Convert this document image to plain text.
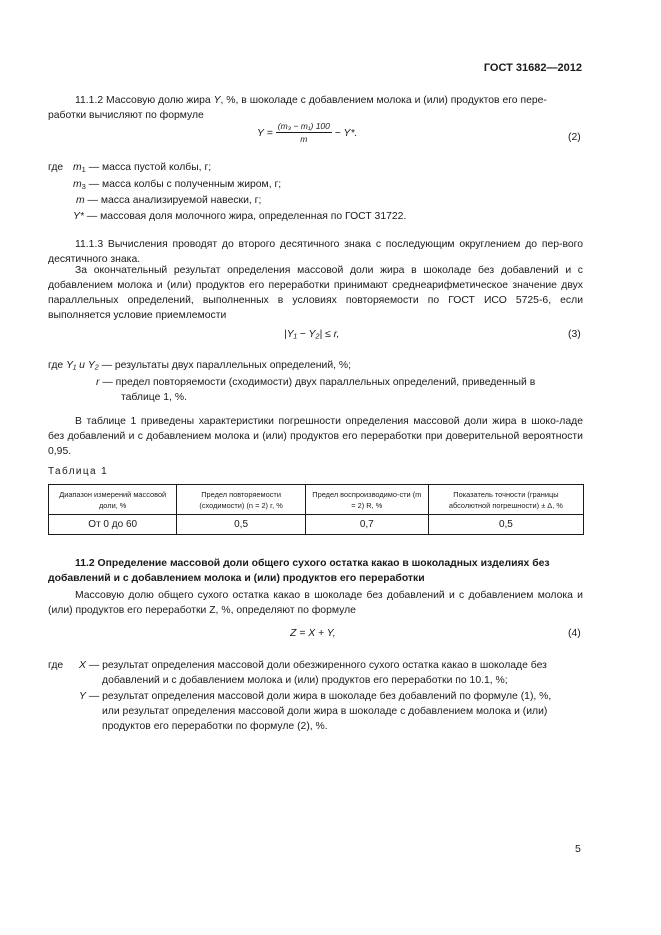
ГОСТ 31682—2012
11.1.2 Массовую долю жира Y, %, в шоколаде с добавлением молока и (или) продуктов его пере-
работки вычисляют по формуле
$Y = \frac{\text{(m₃ − m₁) 100}}{m} - Y*$.	(2)
где $m_1$ — масса пустой колбы, г;
$m_3$ — масса колбы с полученным жиром, г;
m — масса анализируемой навески, г;
Y* — массовая доля молочного жира, определенная по ГОСТ 31722.
11.1.3 Вычисления проводят до второго десятичного знака с последующим округлением до пер-вого десятичного знака.
За окончательный результат определения массовой доли жира в шоколаде без добавлений и с добавлением молока и (или) продуктов его переработки принимают среднеарифметическое значение двух параллельных определений, выполненных в условиях повторяемости по ГОСТ ИСО 5725-6, если выполняется условие приемлемости
|Y₁ − Y₂| ≤ r,	(3)
где Y₁ и Y₂ — результаты двух параллельных определений, %;
r — предел повторяемости (сходимости) двух параллельных определений, приведенный в
таблице 1, %.
В таблице 1 приведены характеристики погрешности определения массовой доли жира в шоко-ладе без добавлений и с добавлением молока и (или) продуктов его переработки при доверительной вероятности 0,95.
Таблица 1
Диапазон измерений массовой доли, %	Предел повторяемости (сходимости) (n = 2) r, %	Предел воспроизводимо-сти (m = 2) R, %	Показатель точности (границы абсолютной погрешности) ± Δ, %
От 0 до 60	0,5	0,7	0,5
11.2 Определение массовой доли общего сухого остатка какао в шоколадных изделиях без добавлений и с добавлением молока и (или) продуктов его переработки
Массовую долю общего сухого остатка какао в шоколаде без добавлений и с добавлением молока и (или) продуктов его переработки Z, %, определяют по формуле
Z = X + Y,	(4)
где X — результат определения массовой доли обезжиренного сухого остатка какао в шоколаде без
добавлений и с добавлением молока и (или) продуктов его переработки по 10.1, %;
Y — результат определения массовой доли жира в шоколаде без добавлений по формуле (1), %,
или результат определения массовой доли жира в шоколаде с добавлением молока и (или)
продуктов его переработки по формуле (2), %.
5
